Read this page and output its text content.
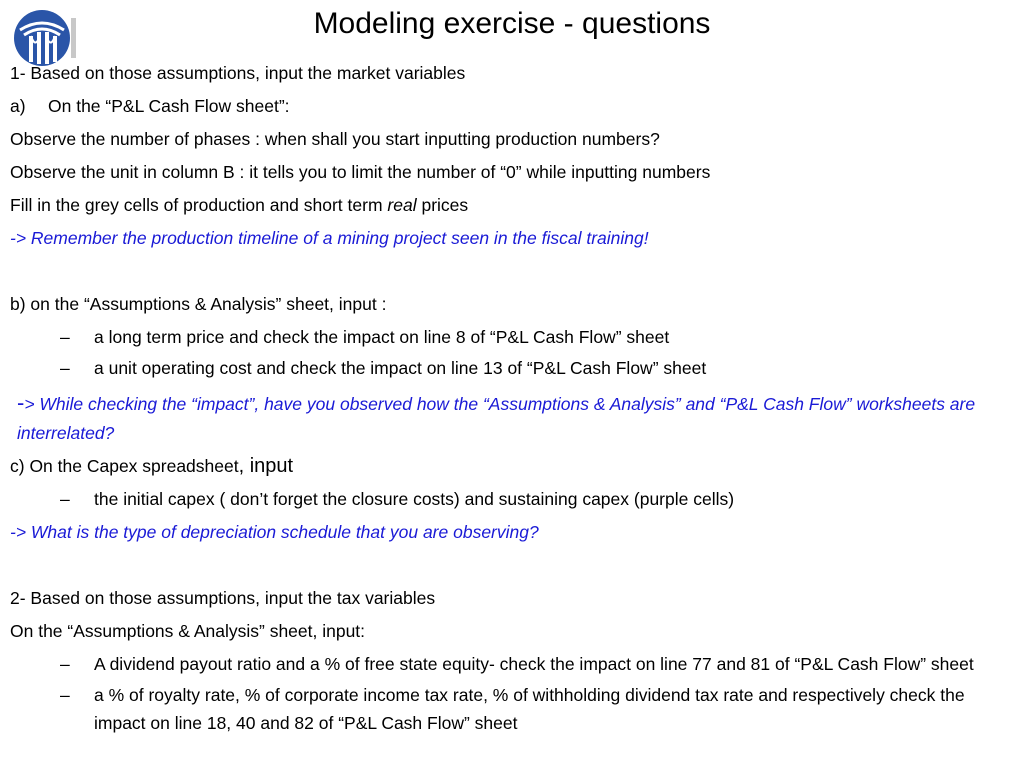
Modeling exercise - questions
1- Based on those assumptions, input the market variables
a) On the “P&L Cash Flow sheet”:
Observe the number of phases : when shall you start inputting production numbers?
Observe the unit in column B : it tells you to limit the number of “0” while inputting numbers
Fill in the grey cells of production and short term real prices
-> Remember the production timeline of a mining project seen in the fiscal training!
b) on the “Assumptions & Analysis” sheet, input :
– a long term price and check the impact on line 8 of “P&L Cash Flow” sheet
– a unit operating cost and check the impact on line 13 of “P&L Cash Flow” sheet
-> While checking the “impact”, have you observed how the “Assumptions & Analysis” and “P&L Cash Flow” worksheets are interrelated?
c) On the Capex spreadsheet, input
– the initial capex ( don’t forget the closure costs) and sustaining capex (purple cells)
-> What is the type of depreciation schedule that you are observing?
2- Based on those assumptions, input the tax variables
On the “Assumptions & Analysis” sheet, input:
– A dividend payout ratio and a % of free state equity- check the impact on line 77 and 81 of “P&L Cash Flow” sheet
– a % of royalty rate, % of corporate income tax rate, % of withholding dividend tax rate and respectively check the impact on line 18, 40 and 82 of “P&L Cash Flow” sheet
